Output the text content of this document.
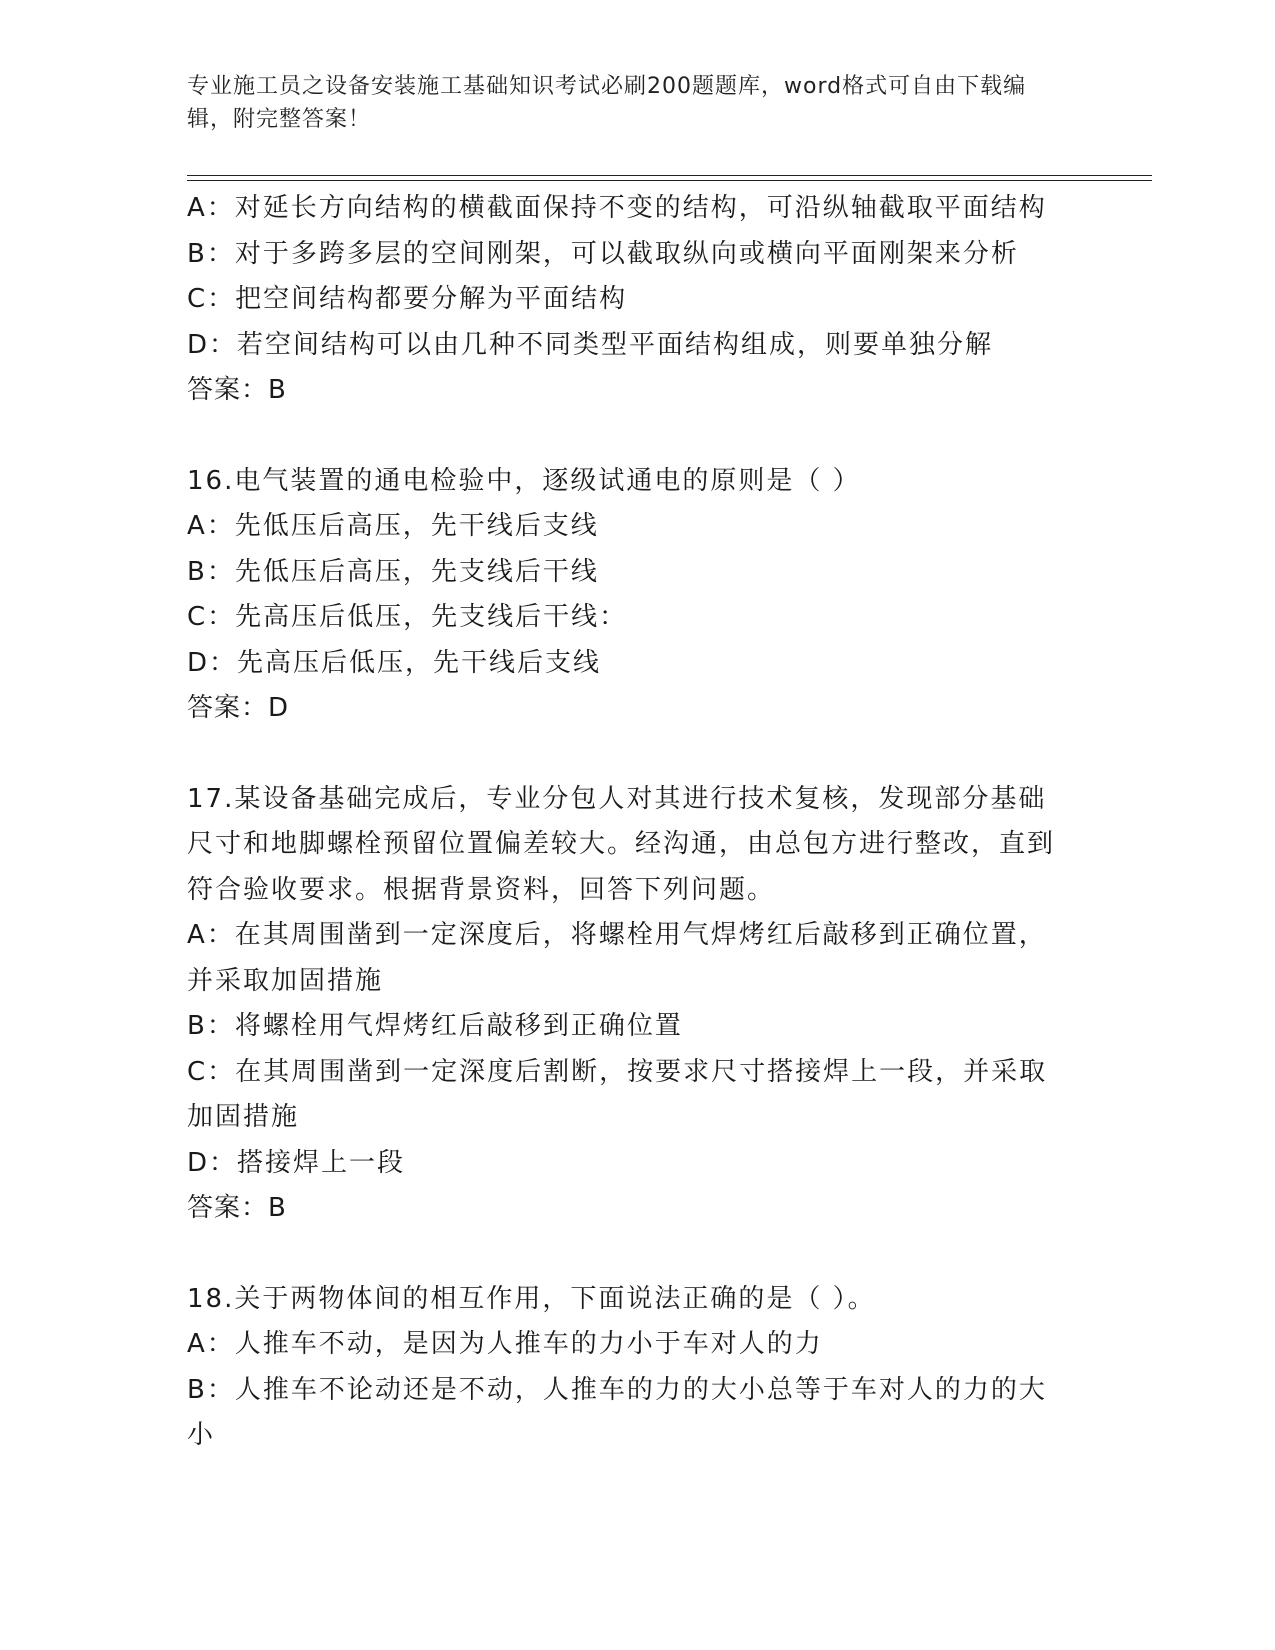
专业施工员之设备安装施工基础知识考试必刷200题题库，word格式可自由下载编辑，附完整答案！
A：对延长方向结构的横截面保持不变的结构，可沿纵轴截取平面结构
B：对于多跨多层的空间刚架，可以截取纵向或横向平面刚架来分析
C：把空间结构都要分解为平面结构
D：若空间结构可以由几种不同类型平面结构组成，则要单独分解
答案：B
16.电气装置的通电检验中，逐级试通电的原则是（ ）
A：先低压后高压，先干线后支线
B：先低压后高压，先支线后干线
C：先高压后低压，先支线后干线：
D：先高压后低压，先干线后支线
答案：D
17.某设备基础完成后，专业分包人对其进行技术复核，发现部分基础尺寸和地脚螺栓预留位置偏差较大。经沟通，由总包方进行整改，直到符合验收要求。根据背景资料，回答下列问题。
A：在其周围凿到一定深度后，将螺栓用气焊烤红后敲移到正确位置，并采取加固措施
B：将螺栓用气焊烤红后敲移到正确位置
C：在其周围凿到一定深度后割断，按要求尺寸搭接焊上一段，并采取加固措施
D：搭接焊上一段
答案：B
18.关于两物体间的相互作用，下面说法正确的是（ ）。
A：人推车不动，是因为人推车的力小于车对人的力
B：人推车不论动还是不动，人推车的力的大小总等于车对人的力的大小
